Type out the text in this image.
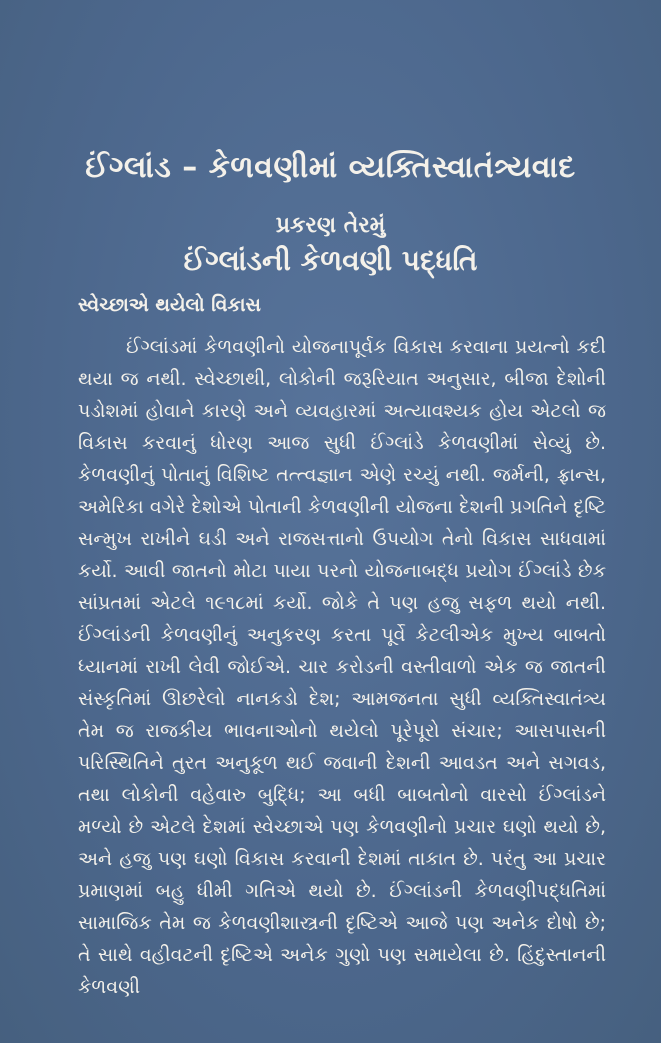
ઈંગ્લાંડ – કેળવણીમાં વ્યક્તિસ્વાતંત્ર્યવાદ
પ્રકરણ તેરમું
ઈંગ્લાંડની કેળવણી પદ્ધતિ
સ્વેચ્છાએ થયેલો વિકાસ

ઈંગ્લાંડમાં કેળવણીનો યોજનાપૂર્વક વિકાસ કરવાના પ્રયત્નો કદી થયા જ નથી. સ્વેચ્છાથી, લોકોની જરૂરિયાત અનુસાર, બીજા દેશોની પડોશમાં હોવાને કારણે અને વ્યવહારમાં અત્યાવશ્યક હોય એટલો જ વિકાસ કરવાનું ધોરણ આજ સુધી ઈંગ્લાંડે કેળવણીમાં સેવ્યું છે. કેળવણીનું પોતાનું વિશિષ્ટ તત્ત્વજ્ઞાન એણે રચ્યું નથી. જર્મની, ફ્રાન્સ, અમેરિકા વગેરે દેશોએ પોતાની કેળવણીની યોજના દેશની પ્રગતિને દૃષ્ટિ સન્મુખ રાખીને ઘડી અને રાજસત્તાનો ઉપયોગ તેનો વિકાસ સાધવામાં કર્યો. આવી જાતનો મોટા પાયા પરનો યોજનાબદ્ધ પ્રયોગ ઈંગ્લાંડે છેક સાંપ્રતમાં એટલે ૧૯૧૮માં કર્યો. જોકે તે પણ હજુ સફળ થયો નથી. ઈંગ્લાંડની કેળવણીનું અનુકરણ કરતા પૂર્વે કેટલીએક મુખ્ય બાબતો ધ્યાનમાં રાખી લેવી જોઈએ. ચાર કરોડની વસ્તીવાળો એક જ જાતની સંસ્કૃતિમાં ઊછરેલો નાનકડો દેશ; આમજનતા સુધી વ્યક્તિસ્વાતંત્ર્ય તેમ જ રાજકીય ભાવનાઓનો થયેલો પૂરેપૂરો સંચાર; આસપાસની પરિસ્થિતિને તુરત અનુકૂળ થઈ જવાની દેશની આવડત અને સગવડ, તથા લોકોની વહેવારુ બુદ્ધિ; આ બધી બાબતોનો વારસો ઈંગ્લાંડને મળ્યો છે એટલે દેશમાં સ્વેચ્છાએ પણ કેળવણીનો પ્રચાર ઘણો થયો છે, અને હજુ પણ ઘણો વિકાસ કરવાની દેશમાં તાકાત છે. પરંતુ આ પ્રચાર પ્રમાણમાં બહુ ધીમી ગતિએ થયો છે. ઈંગ્લાંડની કેળવણીપદ્ધતિમાં સામાજિક તેમ જ કેળવણીશાસ્ત્રની દૃષ્ટિએ આજે પણ અનેક દોષો છે; તે સાથે વહીવટની દૃષ્ટિએ અનેક ગુણો પણ સમાયેલા છે. હિંદુસ્તાનની કેળવણી
